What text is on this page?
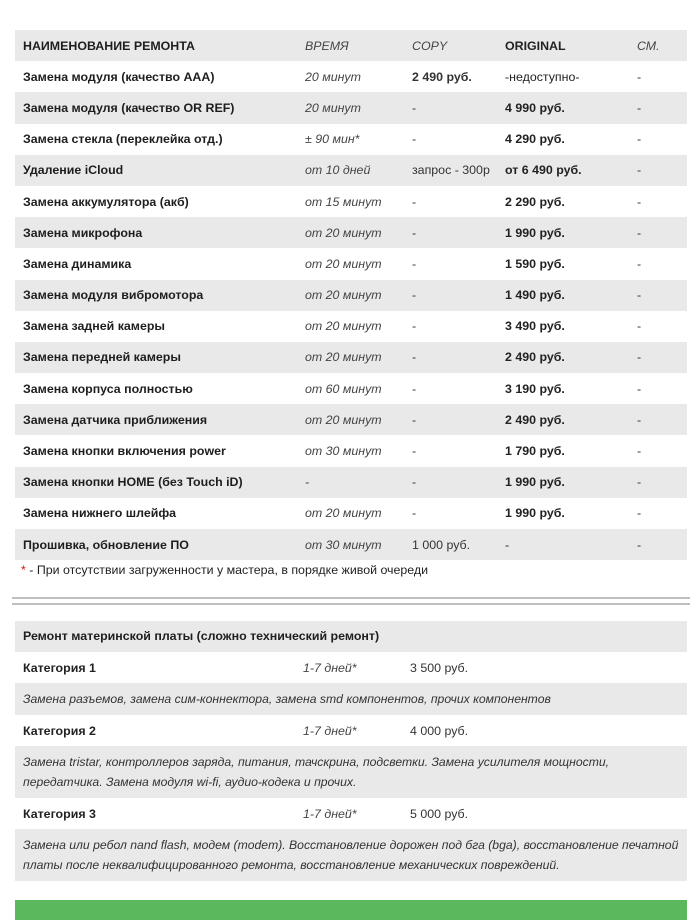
НАИМЕНОВАНИЕ РЕМОНТА	ВРЕМЯ	COPY	ORIGINAL	СМ.
Замена модуля (качество ААА)	20 минут	2 490 руб.	-недоступно-	-
Замена модуля (качество OR REF)	20 минут	-	4 990 руб.	-
Замена стекла (переклейка отд.)	± 90 мин*	-	4 290 руб.	-
Удаление iCloud	от 10 дней	запрос - 300р	от 6 490 руб.	-
Замена аккумулятора (акб)	от 15 минут	-	2 290 руб.	-
Замена микрофона	от 20 минут	-	1 990 руб.	-
Замена динамика	от 20 минут	-	1 590 руб.	-
Замена модуля вибромотора	от 20 минут	-	1 490 руб.	-
Замена задней камеры	от 20 минут	-	3 490 руб.	-
Замена передней камеры	от 20 минут	-	2 490 руб.	-
Замена корпуса полностью	от 60 минут	-	3 190 руб.	-
Замена датчика приближения	от 20 минут	-	2 490 руб.	-
Замена кнопки включения power	от 30 минут	-	1 790 руб.	-
Замена кнопки HOME (без Touch iD)	-	-	1 990 руб.	-
Замена нижнего шлейфа	от 20 минут	-	1 990 руб.	-
Прошивка, обновление ПО	от 30 минут	1 000 руб.	-	-
* - При отсутствии загруженности у мастера, в порядке живой очереди
Ремонт материнской платы (сложно технический ремонт)
Категория 1	1-7 дней*	3 500 руб.
Замена разъемов, замена сим-коннектора, замена smd компонентов, прочих компонентов
Категория 2	1-7 дней*	4 000 руб.
Замена tristar, контроллеров заряда, питания, тачскрина, подсветки. Замена усилителя мощности, передатчика. Замена модуля wi-fi, аудио-кодека и прочих.
Категория 3	1-7 дней*	5 000 руб.
Замена или ребол nand flash, модем (modem). Восстановление дорожен под бга (bga), восстановление печатной платы после неквалифицированного ремонта, восстановление механических повреждений.
